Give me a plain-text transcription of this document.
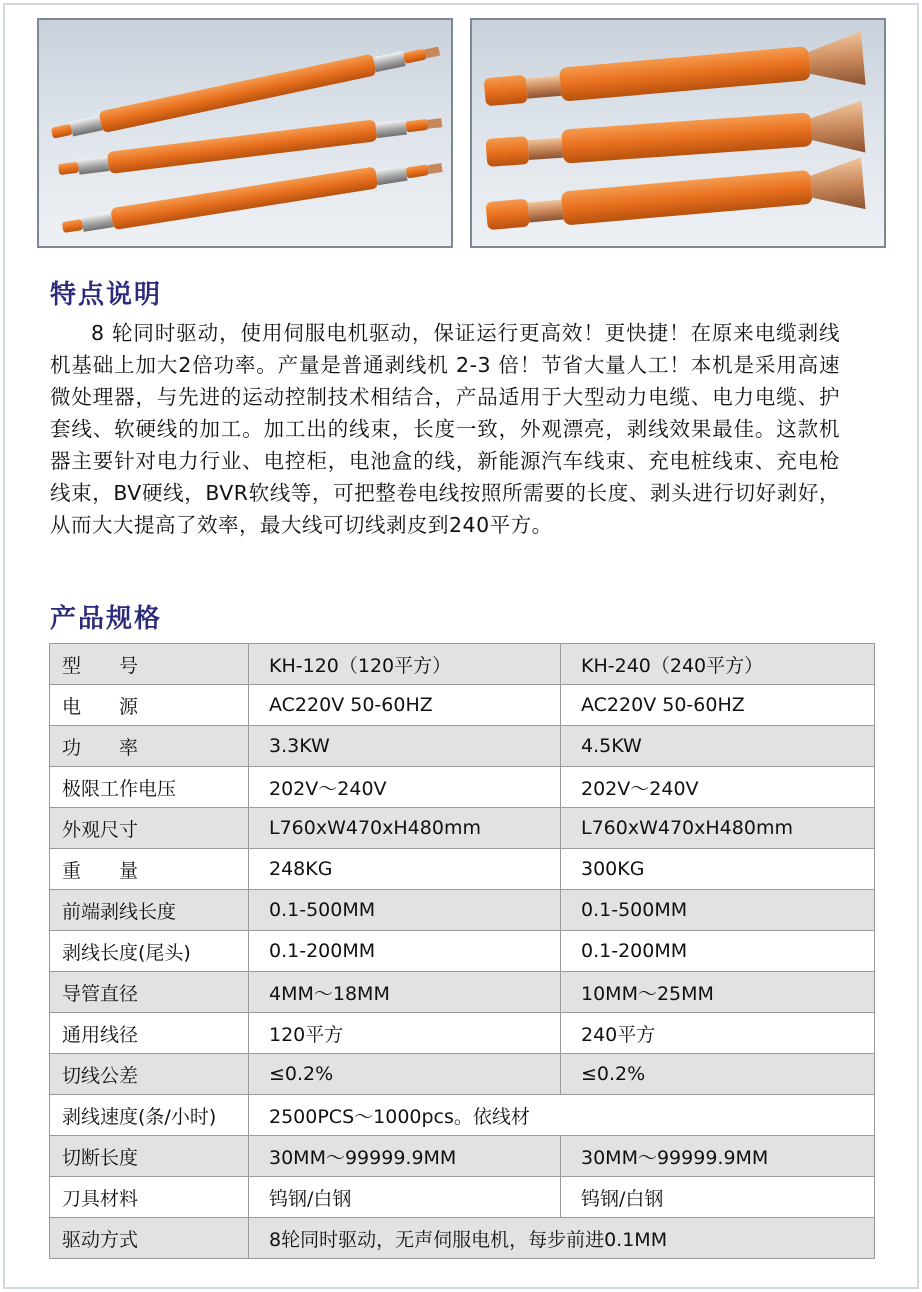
特点说明

8 轮同时驱动，使用伺服电机驱动，保证运行更高效！更快捷！在原来电缆剥线机基础上加大2倍功率。产量是普通剥线机 2-3 倍！节省大量人工！本机是采用高速微处理器，与先进的运动控制技术相结合，产品适用于大型动力电缆、电力电缆、护套线、软硬线的加工。加工出的线束，长度一致，外观漂亮，剥线效果最佳。这款机器主要针对电力行业、电控柜，电池盒的线，新能源汽车线束、充电桩线束、充电枪线束，BV硬线，BVR软线等，可把整卷电线按照所需要的长度、剥头进行切好剥好，从而大大提高了效率，最大线可切线剥皮到240平方。

产品规格
型　　号	KH-120（120平方）	KH-240（240平方）
电　　源	AC220V 50-60HZ	AC220V 50-60HZ
功　　率	3.3KW	4.5KW
极限工作电压	202V～240V	202V～240V
外观尺寸	L760xW470xH480mm	L760xW470xH480mm
重　　量	248KG	300KG
前端剥线长度	0.1-500MM	0.1-500MM
剥线长度(尾头)	0.1-200MM	0.1-200MM
导管直径	4MM～18MM	10MM～25MM
通用线径	120平方	240平方
切线公差	≤0.2%	≤0.2%
剥线速度(条/小时)	2500PCS～1000pcs。依线材	
切断长度	30MM～99999.9MM	30MM～99999.9MM
刀具材料	钨钢/白钢	钨钢/白钢
驱动方式	8轮同时驱动，无声伺服电机，每步前进0.1MM	
